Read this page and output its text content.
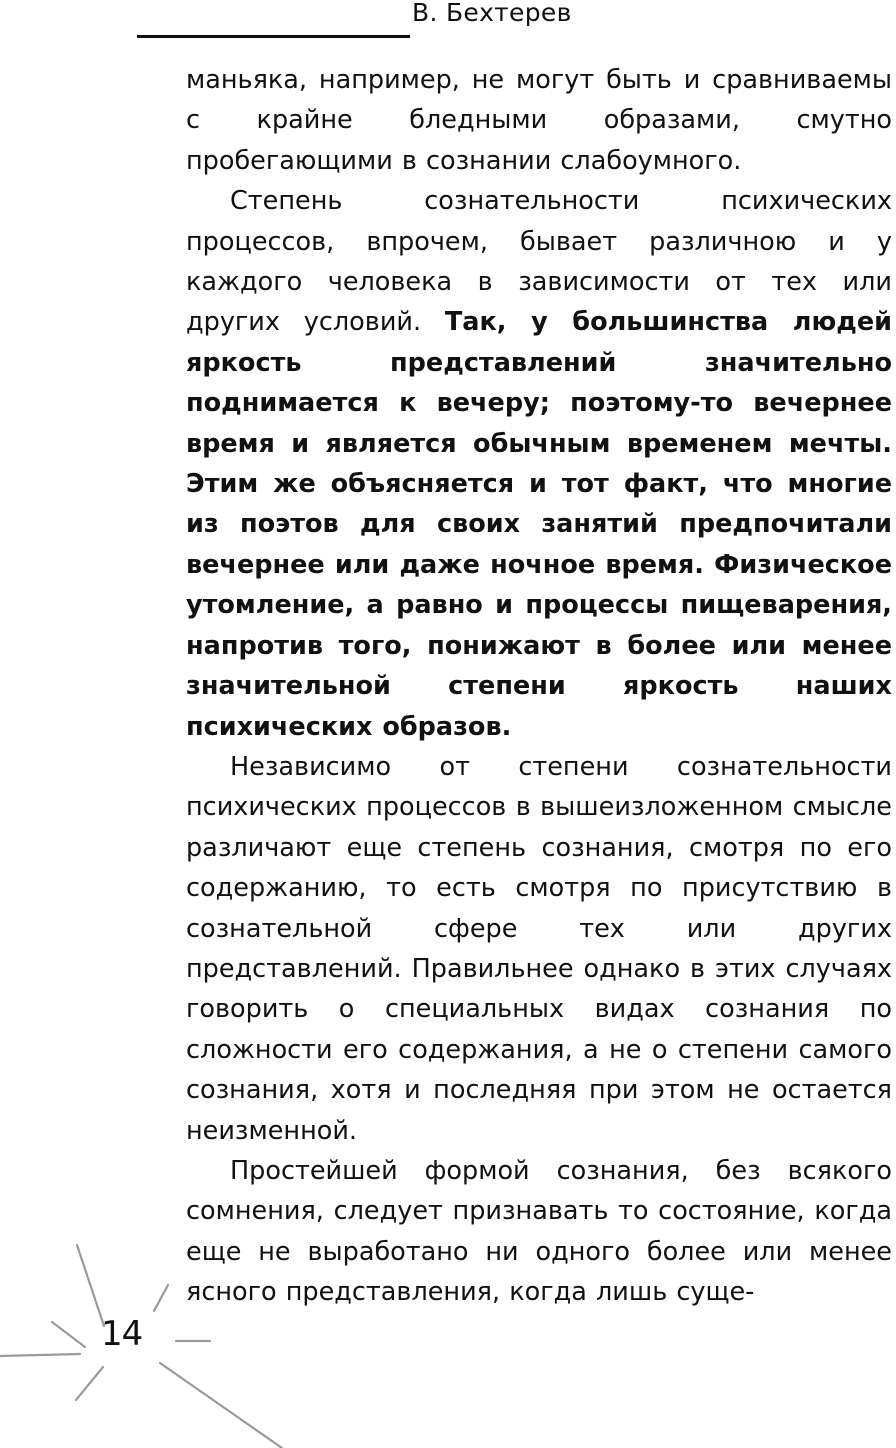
В. Бехтерев

маньяка, например, не могут быть и сравниваемы с крайне бледными образами, смутно пробегающими в сознании слабоумного.

Степень сознательности психических процессов, впрочем, бывает различною и у каждого человека в зависимости от тех или других условий. Так, у большинства людей яркость представлений значительно поднимается к вечеру; поэтому-то вечернее время и является обычным временем мечты. Этим же объясняется и тот факт, что многие из поэтов для своих занятий предпочитали вечернее или даже ночное время. Физическое утомление, а равно и процессы пищеварения, напротив того, понижают в более или менее значительной степени яркость наших психических образов.

Независимо от степени сознательности психических процессов в вышеизложенном смысле различают еще степень сознания, смотря по его содержанию, то есть смотря по присутствию в сознательной сфере тех или других представлений. Правильнее однако в этих случаях говорить о специальных видах сознания по сложности его содержания, а не о степени самого сознания, хотя и последняя при этом не остается неизменной.

Простейшей формой сознания, без всякого сомнения, следует признавать то состояние, когда еще не выработано ни одного более или менее ясного представления, когда лишь суще-

14
